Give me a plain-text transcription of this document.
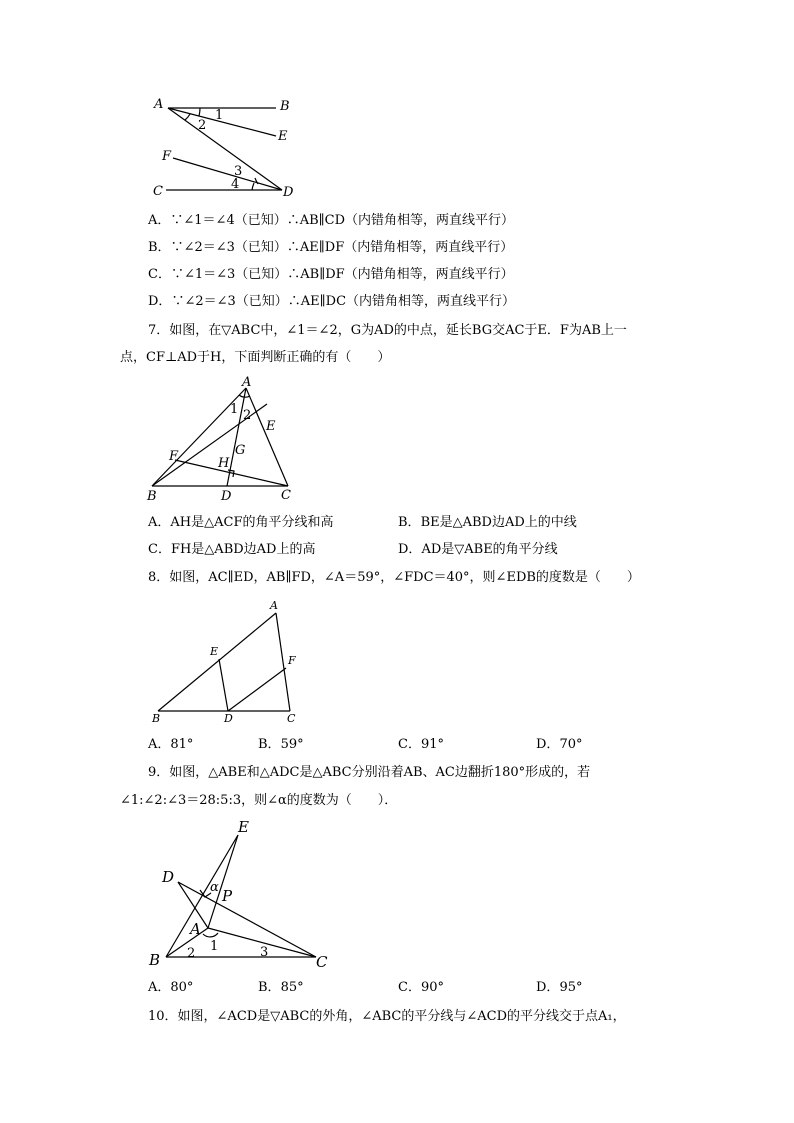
A	B
E
F
C	D
1
2
3
4
A．∵∠1＝∠4（已知）∴AB∥CD（内错角相等，两直线平行）
B．∵∠2＝∠3（已知）∴AE∥DF（内错角相等，两直线平行）
C．∵∠1＝∠3（已知）∴AB∥DF（内错角相等，两直线平行）
D．∵∠2＝∠3（已知）∴AE∥DC（内错角相等，两直线平行）
7．如图，在▽ABC中，∠1＝∠2，G为AD的中点，延长BG交AC于E．F为AB上一
点，CF⊥AD于H，下面判断正确的有（　　）
A
1 2
E
G
F	H
B	D	C
A．AH是△ACF的角平分线和高	B．BE是△ABD边AD上的中线
C．FH是△ABD边AD上的高	D．AD是▽ABE的角平分线
8．如图，AC∥ED，AB∥FD，∠A＝59°，∠FDC＝40°，则∠EDB的度数是（　　）
A
E
F
B	D	C
A．81°	B．59°	C．91°	D．70°
9．如图，△ABE和△ADC是△ABC分别沿着AB、AC边翻折180°形成的，若
∠1:∠2:∠3＝28:5:3，则∠α的度数为（　　）．
E
D
α P
A
1
2	3
B	C
A．80°	B．85°	C．90°	D．95°
10．如图，∠ACD是▽ABC的外角，∠ABC的平分线与∠ACD的平分线交于点A₁，
